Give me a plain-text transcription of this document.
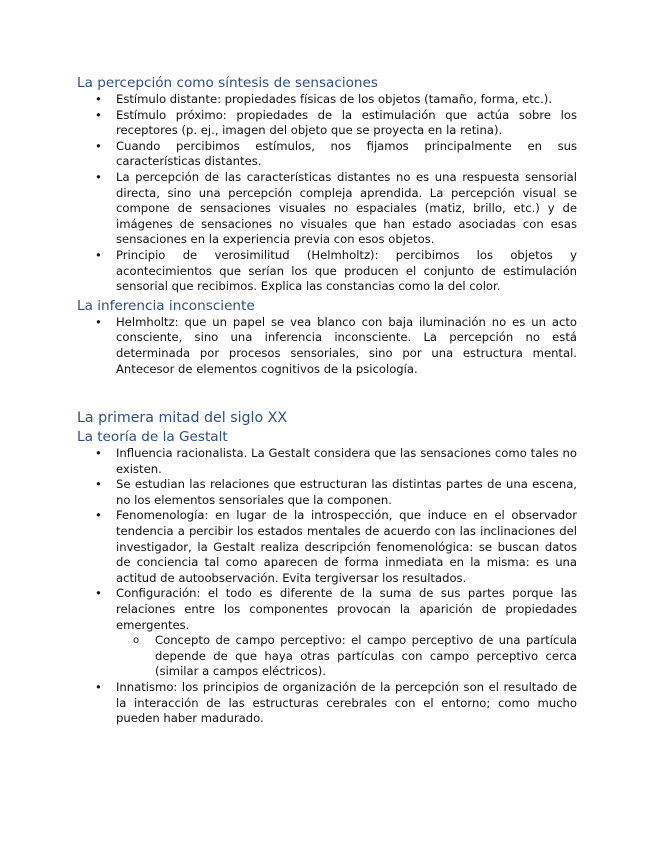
La percepción como síntesis de sensaciones
• Estímulo distante: propiedades físicas de los objetos (tamaño, forma, etc.).
• Estímulo próximo: propiedades de la estimulación que actúa sobre los receptores (p. ej., imagen del objeto que se proyecta en la retina).
• Cuando percibimos estímulos, nos fijamos principalmente en sus características distantes.
• La percepción de las características distantes no es una respuesta sensorial directa, sino una percepción compleja aprendida. La percepción visual se compone de sensaciones visuales no espaciales (matiz, brillo, etc.) y de imágenes de sensaciones no visuales que han estado asociadas con esas sensaciones en la experiencia previa con esos objetos.
• Principio de verosimilitud (Helmholtz): percibimos los objetos y acontecimientos que serían los que producen el conjunto de estimulación sensorial que recibimos. Explica las constancias como la del color.
La inferencia inconsciente
• Helmholtz: que un papel se vea blanco con baja iluminación no es un acto consciente, sino una inferencia inconsciente. La percepción no está determinada por procesos sensoriales, sino por una estructura mental. Antecesor de elementos cognitivos de la psicología.
La primera mitad del siglo XX
La teoría de la Gestalt
• Influencia racionalista. La Gestalt considera que las sensaciones como tales no existen.
• Se estudian las relaciones que estructuran las distintas partes de una escena, no los elementos sensoriales que la componen.
• Fenomenología: en lugar de la introspección, que induce en el observador tendencia a percibir los estados mentales de acuerdo con las inclinaciones del investigador, la Gestalt realiza descripción fenomenológica: se buscan datos de conciencia tal como aparecen de forma inmediata en la misma: es una actitud de autoobservación. Evita tergiversar los resultados.
• Configuración: el todo es diferente de la suma de sus partes porque las relaciones entre los componentes provocan la aparición de propiedades emergentes.
o Concepto de campo perceptivo: el campo perceptivo de una partícula depende de que haya otras partículas con campo perceptivo cerca (similar a campos eléctricos).
• Innatismo: los principios de organización de la percepción son el resultado de la interacción de las estructuras cerebrales con el entorno; como mucho pueden haber madurado.
